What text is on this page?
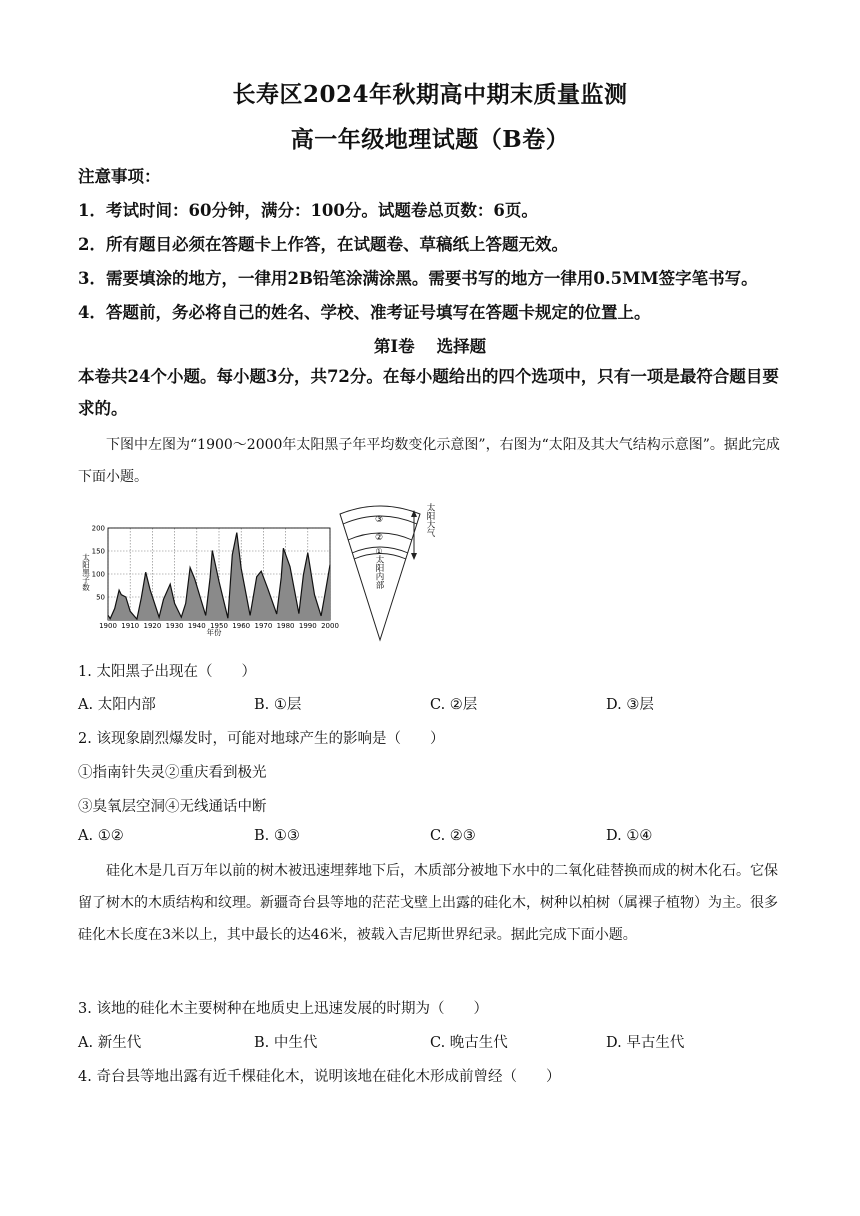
长寿区2024年秋期高中期末质量监测
高一年级地理试题（B卷）
注意事项：
1．考试时间：60分钟，满分：100分。试题卷总页数：6页。
2．所有题目必须在答题卡上作答，在试题卷、草稿纸上答题无效。
3．需要填涂的地方，一律用2B铅笔涂满涂黑。需要书写的地方一律用0.5MM签字笔书写。
4．答题前，务必将自己的姓名、学校、准考证号填写在答题卡规定的位置上。
第Ⅰ卷 选择题
本卷共24个小题。每小题3分，共72分。在每小题给出的四个选项中，只有一项是最符合题目要求的。
下图中左图为“1900～2000年太阳黑子年平均数变化示意图”，右图为“太阳及其大气结构示意图”。据此完成下面小题。
50
100
150
200
1900 1910 1920 1930 1940 1950 1960 1970 1980 1990 2000
太阳黑子数
年份
③
②
①
太阳内部
太阳大气
1. 太阳黑子出现在（　　）
A. 太阳内部	B. ①层	C. ②层	D. ③层
2. 该现象剧烈爆发时，可能对地球产生的影响是（　　）
①指南针失灵②重庆看到极光
③臭氧层空洞④无线通话中断
A. ①②	B. ①③	C. ②③	D. ①④
硅化木是几百万年以前的树木被迅速埋葬地下后，木质部分被地下水中的二氧化硅替换而成的树木化石。它保留了树木的木质结构和纹理。新疆奇台县等地的茫茫戈壁上出露的硅化木，树种以柏树（属裸子植物）为主。很多硅化木长度在3米以上，其中最长的达46米，被载入吉尼斯世界纪录。据此完成下面小题。
3. 该地的硅化木主要树种在地质史上迅速发展的时期为（　　）
A. 新生代	B. 中生代	C. 晚古生代	D. 早古生代
4. 奇台县等地出露有近千棵硅化木，说明该地在硅化木形成前曾经（　　）
